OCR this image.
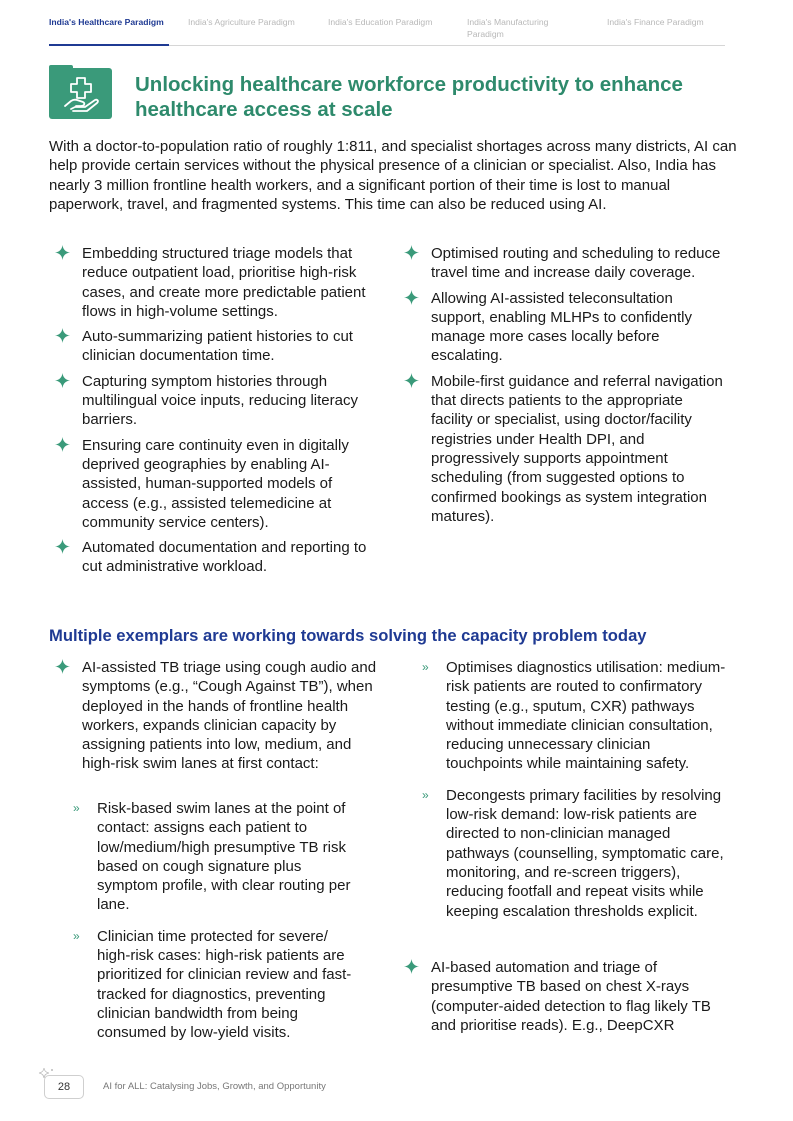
India's Healthcare Paradigm	India's Agriculture Paradigm	India's Education Paradigm	India's Manufacturing Paradigm
India's Finance Paradigm
Unlocking healthcare workforce productivity to enhance healthcare access at scale

With a doctor-to-population ratio of roughly 1:811, and specialist shortages across many districts, AI can help provide certain services without the physical presence of a clinician or specialist. Also, India has nearly 3 million frontline health workers, and a significant portion of their time is lost to manual paperwork, travel, and fragmented systems. This time can also be reduced using AI.

Embedding structured triage models that reduce outpatient load, prioritise high-risk cases, and create more predictable patient flows in high-volume settings.
Auto-summarizing patient histories to cut clinician documentation time.
Capturing symptom histories through multilingual voice inputs, reducing literacy barriers.
Ensuring care continuity even in digitally deprived geographies by enabling AI-assisted, human-supported models of access (e.g., assisted telemedicine at community service centers).
Automated documentation and reporting to cut administrative workload.
Optimised routing and scheduling to reduce travel time and increase daily coverage.
Allowing AI-assisted teleconsultation support, enabling MLHPs to confidently manage more cases locally before escalating.
Mobile-first guidance and referral navigation that directs patients to the appropriate facility or specialist, using doctor/facility registries under Health DPI, and progressively supports appointment scheduling (from suggested options to confirmed bookings as system integration matures).
Multiple exemplars are working towards solving the capacity problem today
AI-assisted TB triage using cough audio and symptoms (e.g., “Cough Against TB”), when deployed in the hands of frontline health workers, expands clinician capacity by assigning patients into low, medium, and high-risk swim lanes at first contact:
» Risk-based swim lanes at the point of contact: assigns each patient to low/medium/high presumptive TB risk based on cough signature plus symptom profile, with clear routing per lane.
» Clinician time protected for severe/ high-risk cases: high-risk patients are prioritized for clinician review and fast-tracked for diagnostics, preventing clinician bandwidth from being consumed by low-yield visits.
» Optimises diagnostics utilisation: medium-risk patients are routed to confirmatory testing (e.g., sputum, CXR) pathways without immediate clinician consultation, reducing unnecessary clinician touchpoints while maintaining safety.
» Decongests primary facilities by resolving low-risk demand: low-risk patients are directed to non-clinician managed pathways (counselling, symptomatic care, monitoring, and re-screen triggers), reducing footfall and repeat visits while keeping escalation thresholds explicit.
AI-based automation and triage of presumptive TB based on chest X-rays (computer-aided detection to flag likely TB and prioritise reads). E.g., DeepCXR
28	AI for ALL: Catalysing Jobs, Growth, and Opportunity
